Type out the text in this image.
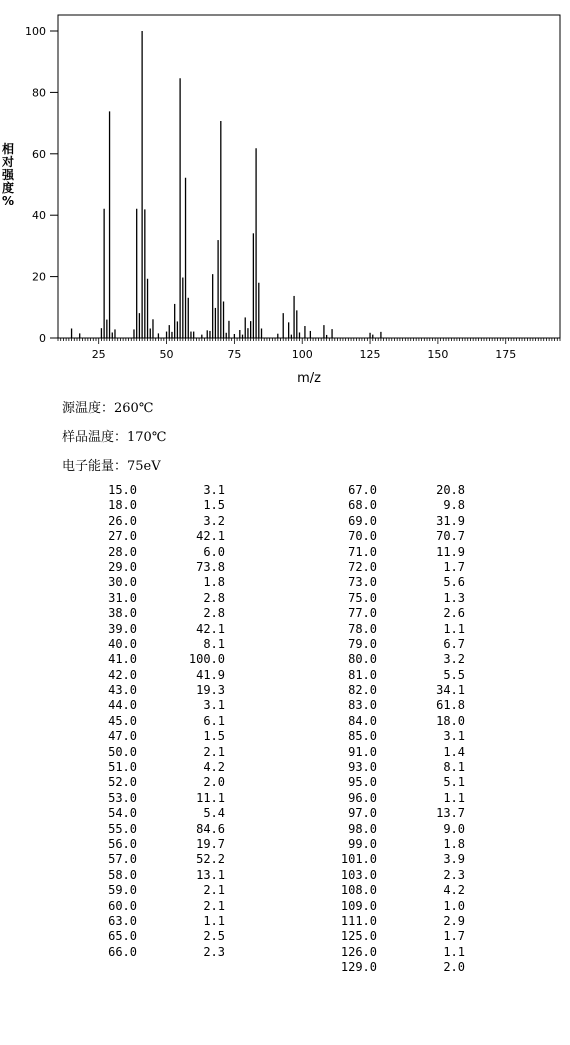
25	50	75	100	125	150	175
0
20
40
60
80
100
m/z
相
对
强
度
%
源温度：260℃
样品温度：170℃
电子能量：75eV
15.0	3.1
18.0	1.5
26.0	3.2
27.0	42.1
28.0	6.0
29.0	73.8
30.0	1.8
31.0	2.8
38.0	2.8
39.0	42.1
40.0	8.1
41.0	100.0
42.0	41.9
43.0	19.3
44.0	3.1
45.0	6.1
47.0	1.5
50.0	2.1
51.0	4.2
52.0	2.0
53.0	11.1
54.0	5.4
55.0	84.6
56.0	19.7
57.0	52.2
58.0	13.1
59.0	2.1
60.0	2.1
63.0	1.1
65.0	2.5
66.0	2.3
67.0	20.8
68.0	9.8
69.0	31.9
70.0	70.7
71.0	11.9
72.0	1.7
73.0	5.6
75.0	1.3
77.0	2.6
78.0	1.1
79.0	6.7
80.0	3.2
81.0	5.5
82.0	34.1
83.0	61.8
84.0	18.0
85.0	3.1
91.0	1.4
93.0	8.1
95.0	5.1
96.0	1.1
97.0	13.7
98.0	9.0
99.0	1.8
101.0	3.9
103.0	2.3
108.0	4.2
109.0	1.0
111.0	2.9
125.0	1.7
126.0	1.1
129.0	2.0
